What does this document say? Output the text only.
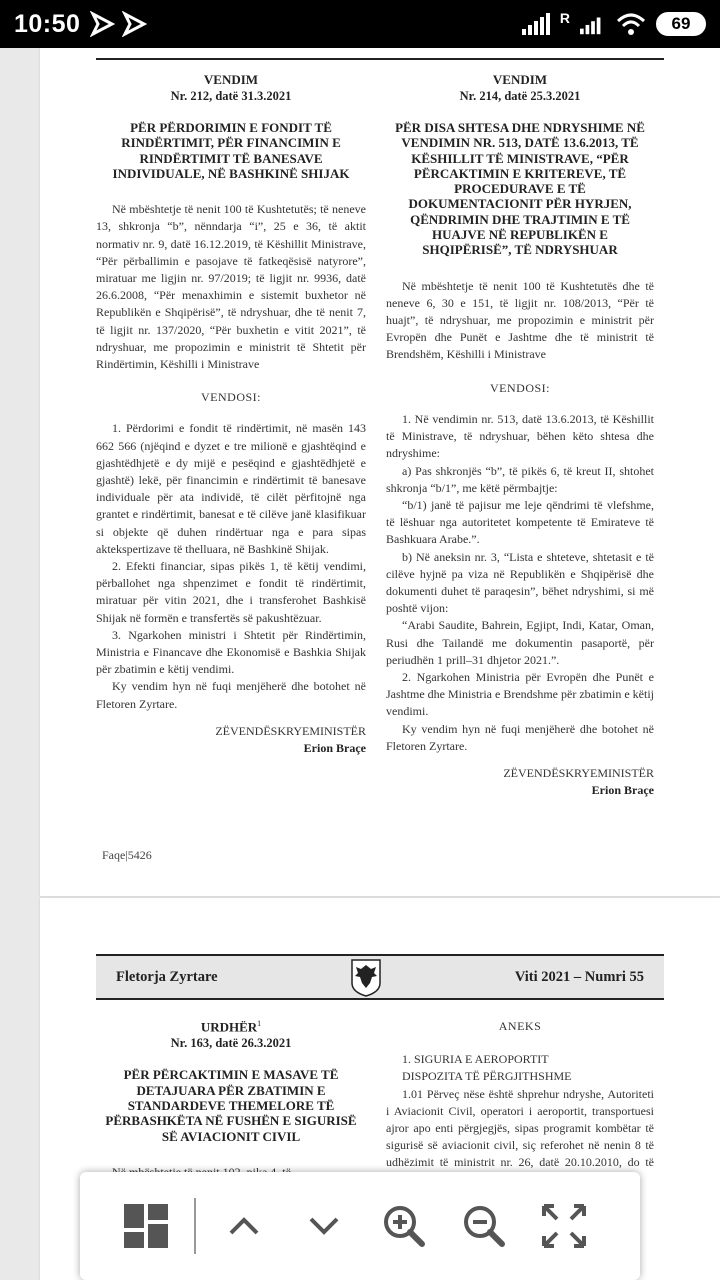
10:50	R	69
VENDIM
Nr. 212, datë 31.3.2021
PËR PËRDORIMIN E FONDIT TË RINDËRTIMIT, PËR FINANCIMIN E RINDËRTIMIT TË BANESAVE INDIVIDUALE, NË BASHKINË SHIJAK
Në mbështetje të nenit 100 të Kushtetutës; të neneve 13, shkronja “b”, nënndarja “i”, 25 e 36, të aktit normativ nr. 9, datë 16.12.2019, të Këshillit Ministrave, “Për përballimin e pasojave të fatkeqësisë natyrore”, miratuar me ligjin nr. 97/2019; të ligjit nr. 9936, datë 26.6.2008, “Për menaxhimin e sistemit buxhetor në Republikën e Shqipërisë”, të ndryshuar, dhe të nenit 7, të ligjit nr. 137/2020, “Për buxhetin e vitit 2021”, të ndryshuar, me propozimin e ministrit të Shtetit për Rindërtimin, Këshilli i Ministrave
VENDOSI:
1. Përdorimi e fondit të rindërtimit, në masën 143 662 566 (njëqind e dyzet e tre milionë e gjashtëqind e gjashtëdhjetë e dy mijë e pesëqind e gjashtëdhjetë e gjashtë) lekë, për financimin e rindërtimit të banesave individuale për ata individë, të cilët përfitojnë nga grantet e rindërtimit, banesat e të cilëve janë klasifikuar si objekte që duhen rindërtuar nga e para sipas aktekspertizave të thelluara, në Bashkinë Shijak.
2. Efekti financiar, sipas pikës 1, të këtij vendimi, përballohet nga shpenzimet e fondit të rindërtimit, miratuar për vitin 2021, dhe i transferohet Bashkisë Shijak në formën e transfertës së pakushtëzuar.
3. Ngarkohen ministri i Shtetit për Rindërtimin, Ministria e Financave dhe Ekonomisë e Bashkia Shijak për zbatimin e këtij vendimi.
Ky vendim hyn në fuqi menjëherë dhe botohet në Fletoren Zyrtare.
ZËVENDËSKRYEMINISTËR
Erion Braçe
VENDIM
Nr. 214, datë 25.3.2021
PËR DISA SHTESA DHE NDRYSHIME NË VENDIMIN NR. 513, DATË 13.6.2013, TË KËSHILLIT TË MINISTRAVE, “PËR PËRCAKTIMIN E KRITEREVE, TË PROCEDURAVE E TË DOKUMENTACIONIT PËR HYRJEN, QËNDRIMIN DHE TRAJTIMIN E TË HUAJVE NË REPUBLIKËN E SHQIPËRISË”, TË NDRYSHUAR
Në mbështetje të nenit 100 të Kushtetutës dhe të neneve 6, 30 e 151, të ligjit nr. 108/2013, “Për të huajt”, të ndryshuar, me propozimin e ministrit për Evropën dhe Punët e Jashtme dhe të ministrit të Brendshëm, Këshilli i Ministrave
VENDOSI:
1. Në vendimin nr. 513, datë 13.6.2013, të Këshillit të Ministrave, të ndryshuar, bëhen këto shtesa dhe ndryshime:
a) Pas shkronjës “b”, të pikës 6, të kreut II, shtohet shkronja “b/1”, me këtë përmbajtje:
“b/1) janë të pajisur me leje qëndrimi të vlefshme, të lëshuar nga autoritetet kompetente të Emirateve të Bashkuara Arabe.”.
b) Në aneksin nr. 3, “Lista e shteteve, shtetasit e të cilëve hyjnë pa viza në Republikën e Shqipërisë dhe dokumenti duhet të paraqesin”, bëhet ndryshimi, si më poshtë vijon:
“Arabi Saudite, Bahrein, Egjipt, Indi, Katar, Oman, Rusi dhe Tailandë me dokumentin pasaportë, për periudhën 1 prill–31 dhjetor 2021.”.
2. Ngarkohen Ministria për Evropën dhe Punët e Jashtme dhe Ministria e Brendshme për zbatimin e këtij vendimi.
Ky vendim hyn në fuqi menjëherë dhe botohet në Fletoren Zyrtare.
ZËVENDËSKRYEMINISTËR
Erion Braçe
Faqe|5426
Fletorja Zyrtare	Viti 2021 – Numri 55
URDHËR$^1$
Nr. 163, datë 26.3.2021
PËR PËRCAKTIMIN E MASAVE TË DETAJUARA PËR ZBATIMIN E STANDARDEVE THEMELORE TË PËRBASHKËTA NË FUSHËN E SIGURISË SË AVIACIONIT CIVIL
ANEKS
1. SIGURIA E AEROPORTIT
DISPOZITA TË PËRGJITHSHME
1.01 Përveç nëse është shprehur ndryshe, Autoriteti i Aviacionit Civil, operatori i aeroportit, transportuesi ajror apo enti përgjegjës, sipas programit kombëtar të sigurisë së aviacionit civil, siç referohet në nenin 8 të udhëzimit të ministrit nr. 26, datë 20.10.2010, do të
